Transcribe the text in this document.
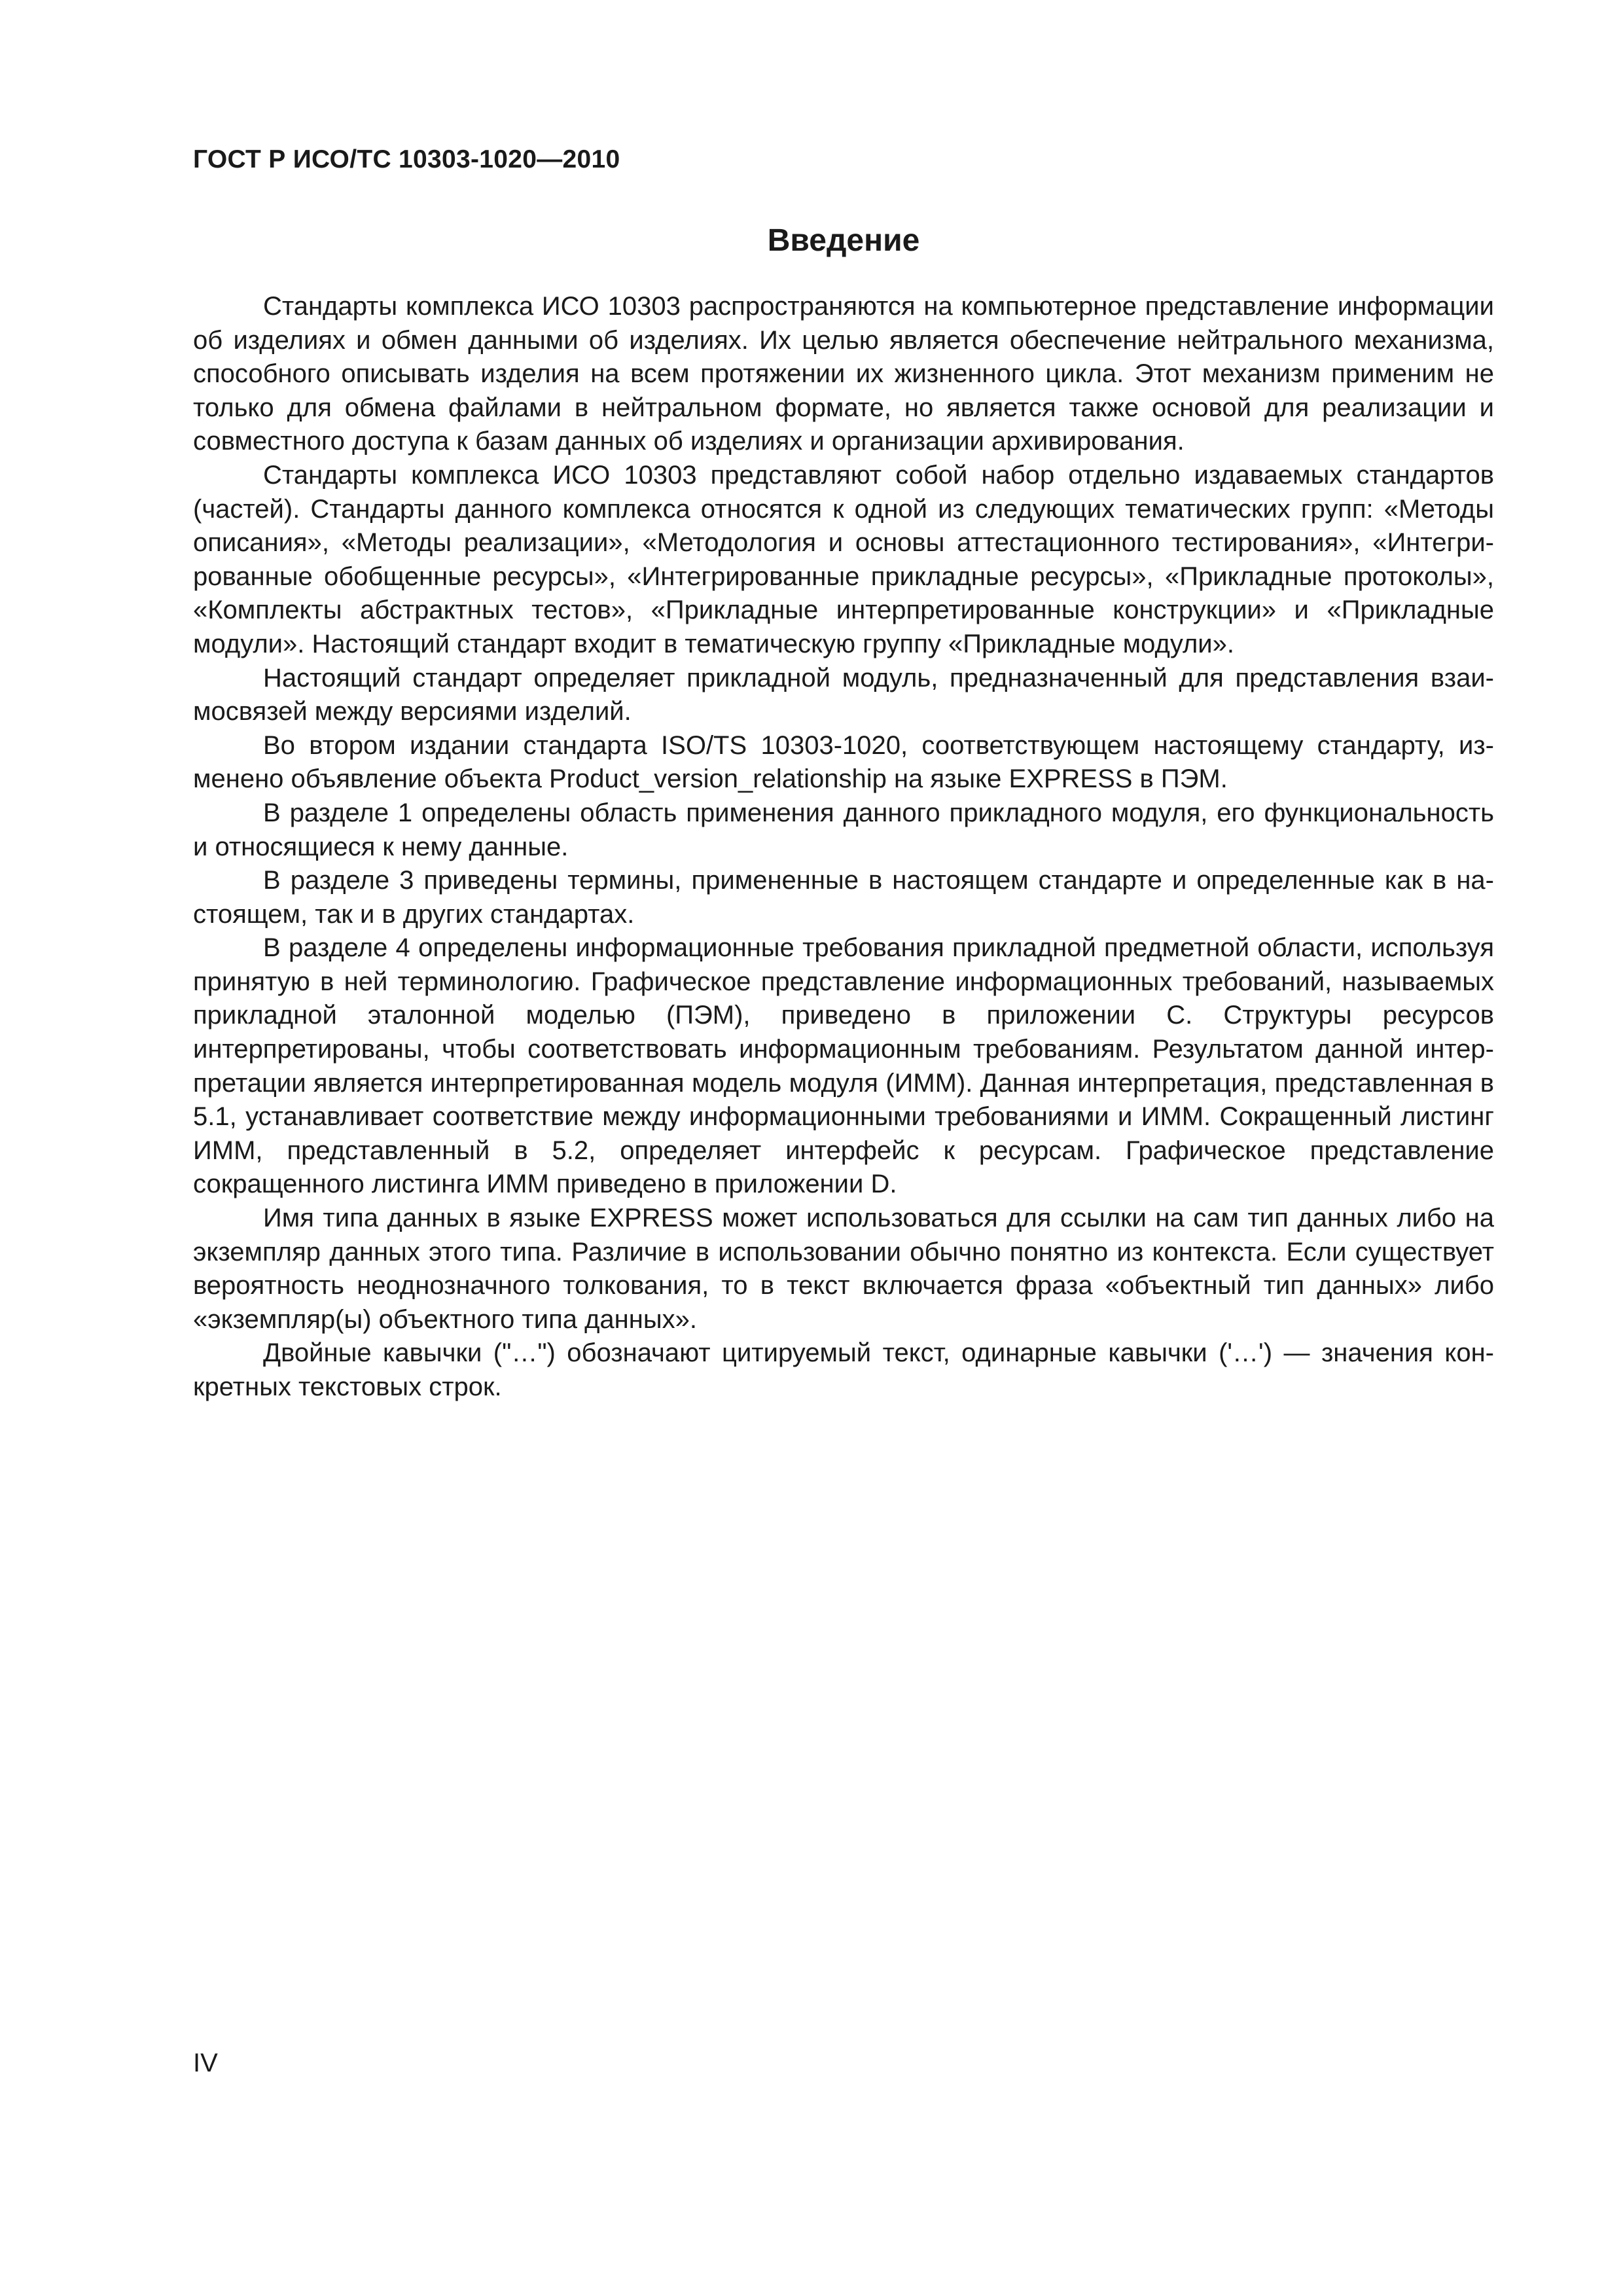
ГОСТ Р ИСО/ТС 10303-1020—2010
Введение

Стандарты комплекса ИСО 10303 распространяются на компьютерное представление информации об изделиях и обмен данными об изделиях. Их целью является обеспечение нейтрального механизма, способного описывать изделия на всем протяжении их жизненного цикла. Этот механизм применим не только для обмена файлами в нейтральном формате, но является также основой для реализации и совместного доступа к базам данных об изделиях и организации архивирования.

Стандарты комплекса ИСО 10303 представляют собой набор отдельно издаваемых стандартов (частей). Стандарты данного комплекса относятся к одной из следующих тематических групп: «Методы описания», «Методы реализации», «Методология и основы аттестационного тестирования», «Интегрированные обобщенные ресурсы», «Интегрированные прикладные ресурсы», «Прикладные протоколы», «Комплекты абстрактных тестов», «Прикладные интерпретированные конструкции» и «Прикладные модули». Настоящий стандарт входит в тематическую группу «Прикладные модули».

Настоящий стандарт определяет прикладной модуль, предназначенный для представления взаимосвязей между версиями изделий.

Во втором издании стандарта ISO/TS 10303-1020, соответствующем настоящему стандарту, изменено объявление объекта Product_version_relationship на языке EXPRESS в ПЭМ.

В разделе 1 определены область применения данного прикладного модуля, его функциональность и относящиеся к нему данные.

В разделе 3 приведены термины, примененные в настоящем стандарте и определенные как в настоящем, так и в других стандартах.

В разделе 4 определены информационные требования прикладной предметной области, используя принятую в ней терминологию. Графическое представление информационных требований, называемых прикладной эталонной моделью (ПЭМ), приведено в приложении С. Структуры ресурсов интерпретированы, чтобы соответствовать информационным требованиям. Результатом данной интерпретации является интерпретированная модель модуля (ИММ). Данная интерпретация, представленная в 5.1, устанавливает соответствие между информационными требованиями и ИММ. Сокращенный листинг ИММ, представленный в 5.2, определяет интерфейс к ресурсам. Графическое представление сокращенного листинга ИММ приведено в приложении D.

Имя типа данных в языке EXPRESS может использоваться для ссылки на сам тип данных либо на экземпляр данных этого типа. Различие в использовании обычно понятно из контекста. Если существует вероятность неоднозначного толкования, то в текст включается фраза «объектный тип данных» либо «экземпляр(ы) объектного типа данных».

Двойные кавычки ("…") обозначают цитируемый текст, одинарные кавычки ('…') — значения конкретных текстовых строк.

IV
